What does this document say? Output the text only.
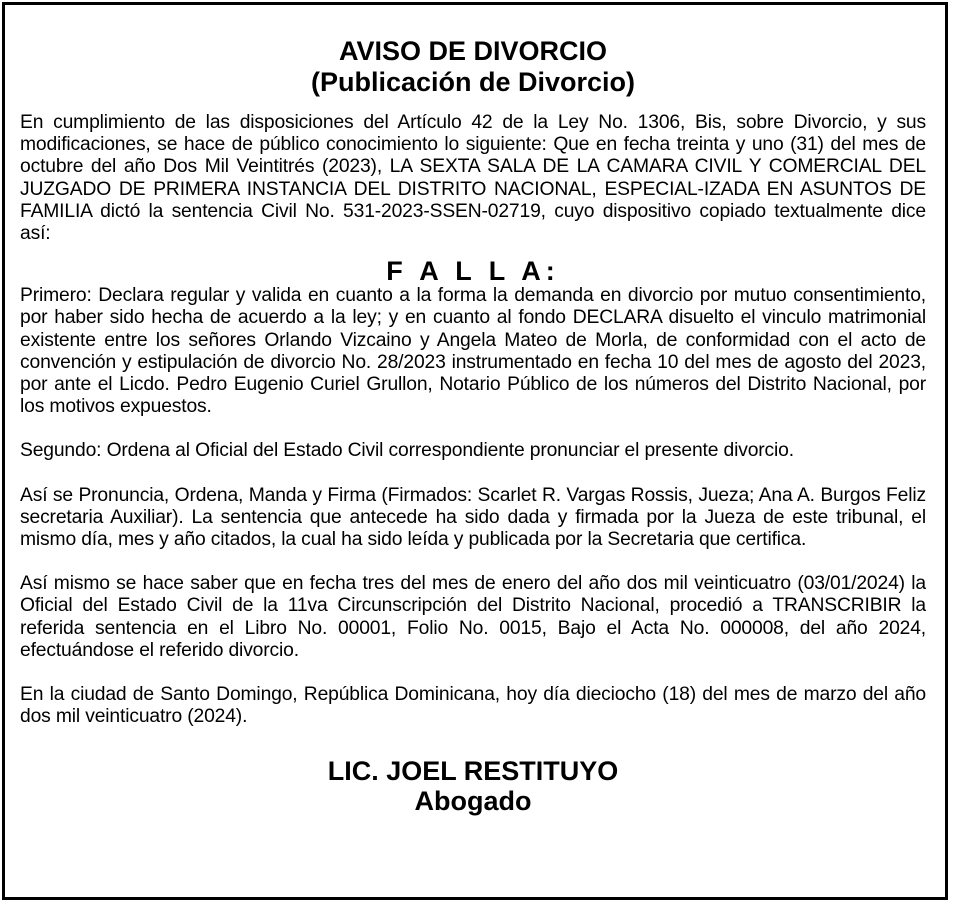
AVISO DE DIVORCIO
(Publicación de Divorcio)

En cumplimiento de las disposiciones del Artículo 42 de la Ley No. 1306, Bis, sobre Divorcio, y sus modificaciones, se hace de público conocimiento lo siguiente: Que en fecha treinta y uno (31) del mes de octubre del año Dos Mil Veintitrés (2023), LA SEXTA SALA DE LA CAMARA CIVIL Y COMERCIAL DEL JUZGADO DE PRIMERA INSTANCIA DEL DISTRITO NACIONAL, ESPECIAL-IZADA EN ASUNTOS DE FAMILIA dictó la sentencia Civil No. 531-2023-SSEN-02719, cuyo dispositivo copiado textualmente dice así:

F A L L A:

Primero: Declara regular y valida en cuanto a la forma la demanda en divorcio por mutuo consentimiento, por haber sido hecha de acuerdo a la ley; y en cuanto al fondo DECLARA disuelto el vinculo matrimonial existente entre los señores Orlando Vizcaino y Angela Mateo de Morla, de conformidad con el acto de convención y estipulación de divorcio No. 28/2023 instrumentado en fecha 10 del mes de agosto del 2023, por ante el Licdo. Pedro Eugenio Curiel Grullon, Notario Público de los números del Distrito Nacional, por los motivos expuestos.

Segundo: Ordena al Oficial del Estado Civil correspondiente pronunciar el presente divorcio.

Así se Pronuncia, Ordena, Manda y Firma (Firmados: Scarlet R. Vargas Rossis, Jueza; Ana A. Burgos Feliz secretaria Auxiliar). La sentencia que antecede ha sido dada y firmada por la Jueza de este tribunal, el mismo día, mes y año citados, la cual ha sido leída y publicada por la Secretaria que certifica.

Así mismo se hace saber que en fecha tres del mes de enero del año dos mil veinticuatro (03/01/2024) la Oficial del Estado Civil de la 11va Circunscripción del Distrito Nacional, procedió a TRANSCRIBIR la referida sentencia en el Libro No. 00001, Folio No. 0015, Bajo el Acta No. 000008, del año 2024, efectuándose el referido divorcio.

En la ciudad de Santo Domingo, República Dominicana, hoy día dieciocho (18) del mes de marzo del año dos mil veinticuatro (2024).

LIC. JOEL RESTITUYO
Abogado
